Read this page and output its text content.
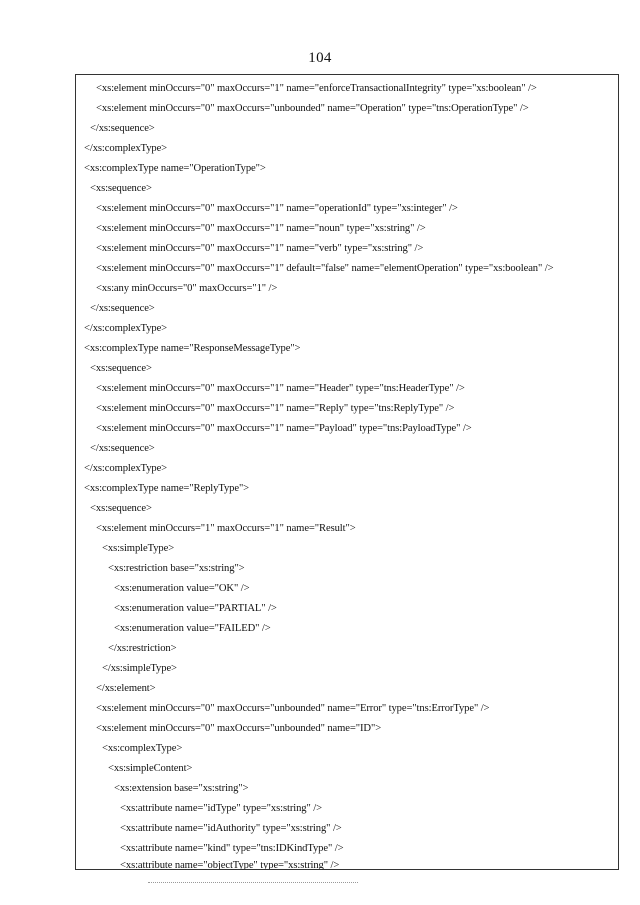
104
<xs:element minOccurs="0" maxOccurs="1" name="enforceTransactionalIntegrity" type="xs:boolean" />
<xs:element minOccurs="0" maxOccurs="unbounded" name="Operation" type="tns:OperationType" />
</xs:sequence>
</xs:complexType>
<xs:complexType name="OperationType">
<xs:sequence>
<xs:element minOccurs="0" maxOccurs="1" name="operationId" type="xs:integer" />
<xs:element minOccurs="0" maxOccurs="1" name="noun" type="xs:string" />
<xs:element minOccurs="0" maxOccurs="1" name="verb" type="xs:string" />
<xs:element minOccurs="0" maxOccurs="1" default="false" name="elementOperation" type="xs:boolean" />
<xs:any minOccurs="0" maxOccurs="1" />
</xs:sequence>
</xs:complexType>
<xs:complexType name="ResponseMessageType">
<xs:sequence>
<xs:element minOccurs="0" maxOccurs="1" name="Header" type="tns:HeaderType" />
<xs:element minOccurs="0" maxOccurs="1" name="Reply" type="tns:ReplyType" />
<xs:element minOccurs="0" maxOccurs="1" name="Payload" type="tns:PayloadType" />
</xs:sequence>
</xs:complexType>
<xs:complexType name="ReplyType">
<xs:sequence>
<xs:element minOccurs="1" maxOccurs="1" name="Result">
<xs:simpleType>
<xs:restriction base="xs:string">
<xs:enumeration value="OK" />
<xs:enumeration value="PARTIAL" />
<xs:enumeration value="FAILED" />
</xs:restriction>
</xs:simpleType>
</xs:element>
<xs:element minOccurs="0" maxOccurs="unbounded" name="Error" type="tns:ErrorType" />
<xs:element minOccurs="0" maxOccurs="unbounded" name="ID">
<xs:complexType>
<xs:simpleContent>
<xs:extension base="xs:string">
<xs:attribute name="idType" type="xs:string" />
<xs:attribute name="idAuthority" type="xs:string" />
<xs:attribute name="kind" type="tns:IDKindType" />
<xs:attribute name="objectType" type="xs:string" />
